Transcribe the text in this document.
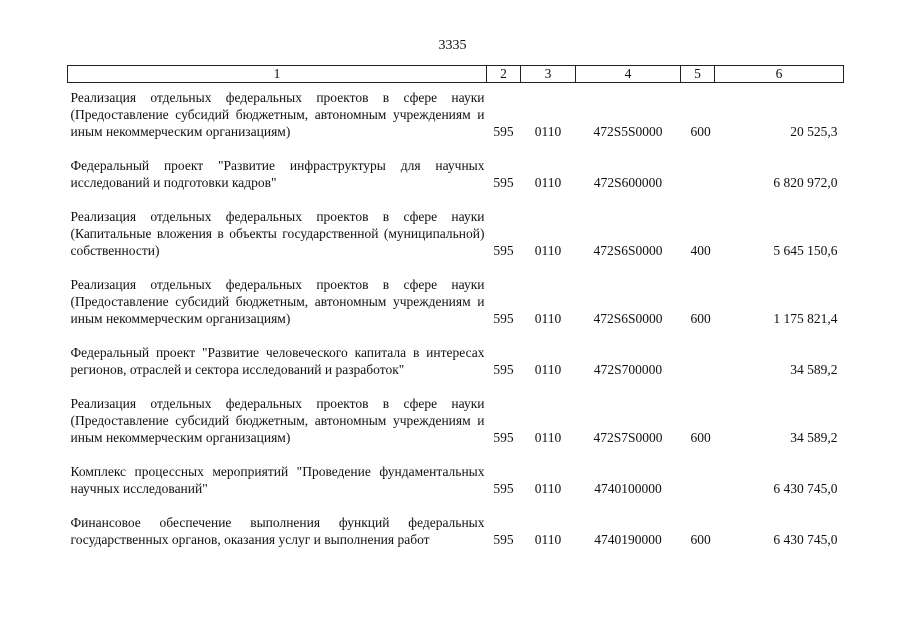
3335
1	2	3	4	5	6
Реализация отдельных федеральных проектов в сфере науки (Предоставление субсидий бюджетным, автономным учреждениям и иным некоммерческим организациям)	595	0110	472S5S0000	600	20 525,3
Федеральный проект "Развитие инфраструктуры для научных исследований и подготовки кадров"	595	0110	472S600000		6 820 972,0
Реализация отдельных федеральных проектов в сфере науки (Капитальные вложения в объекты государственной (муниципальной) собственности)	595	0110	472S6S0000	400	5 645 150,6
Реализация отдельных федеральных проектов в сфере науки (Предоставление субсидий бюджетным, автономным учреждениям и иным некоммерческим организациям)	595	0110	472S6S0000	600	1 175 821,4
Федеральный проект "Развитие человеческого капитала в интересах регионов, отраслей и сектора исследований и разработок"	595	0110	472S700000		34 589,2
Реализация отдельных федеральных проектов в сфере науки (Предоставление субсидий бюджетным, автономным учреждениям и иным некоммерческим организациям)	595	0110	472S7S0000	600	34 589,2
Комплекс процессных мероприятий "Проведение фундаментальных научных исследований"	595	0110	4740100000		6 430 745,0
Финансовое обеспечение выполнения функций федеральных государственных органов, оказания услуг и выполнения работ	595	0110	4740190000	600	6 430 745,0
